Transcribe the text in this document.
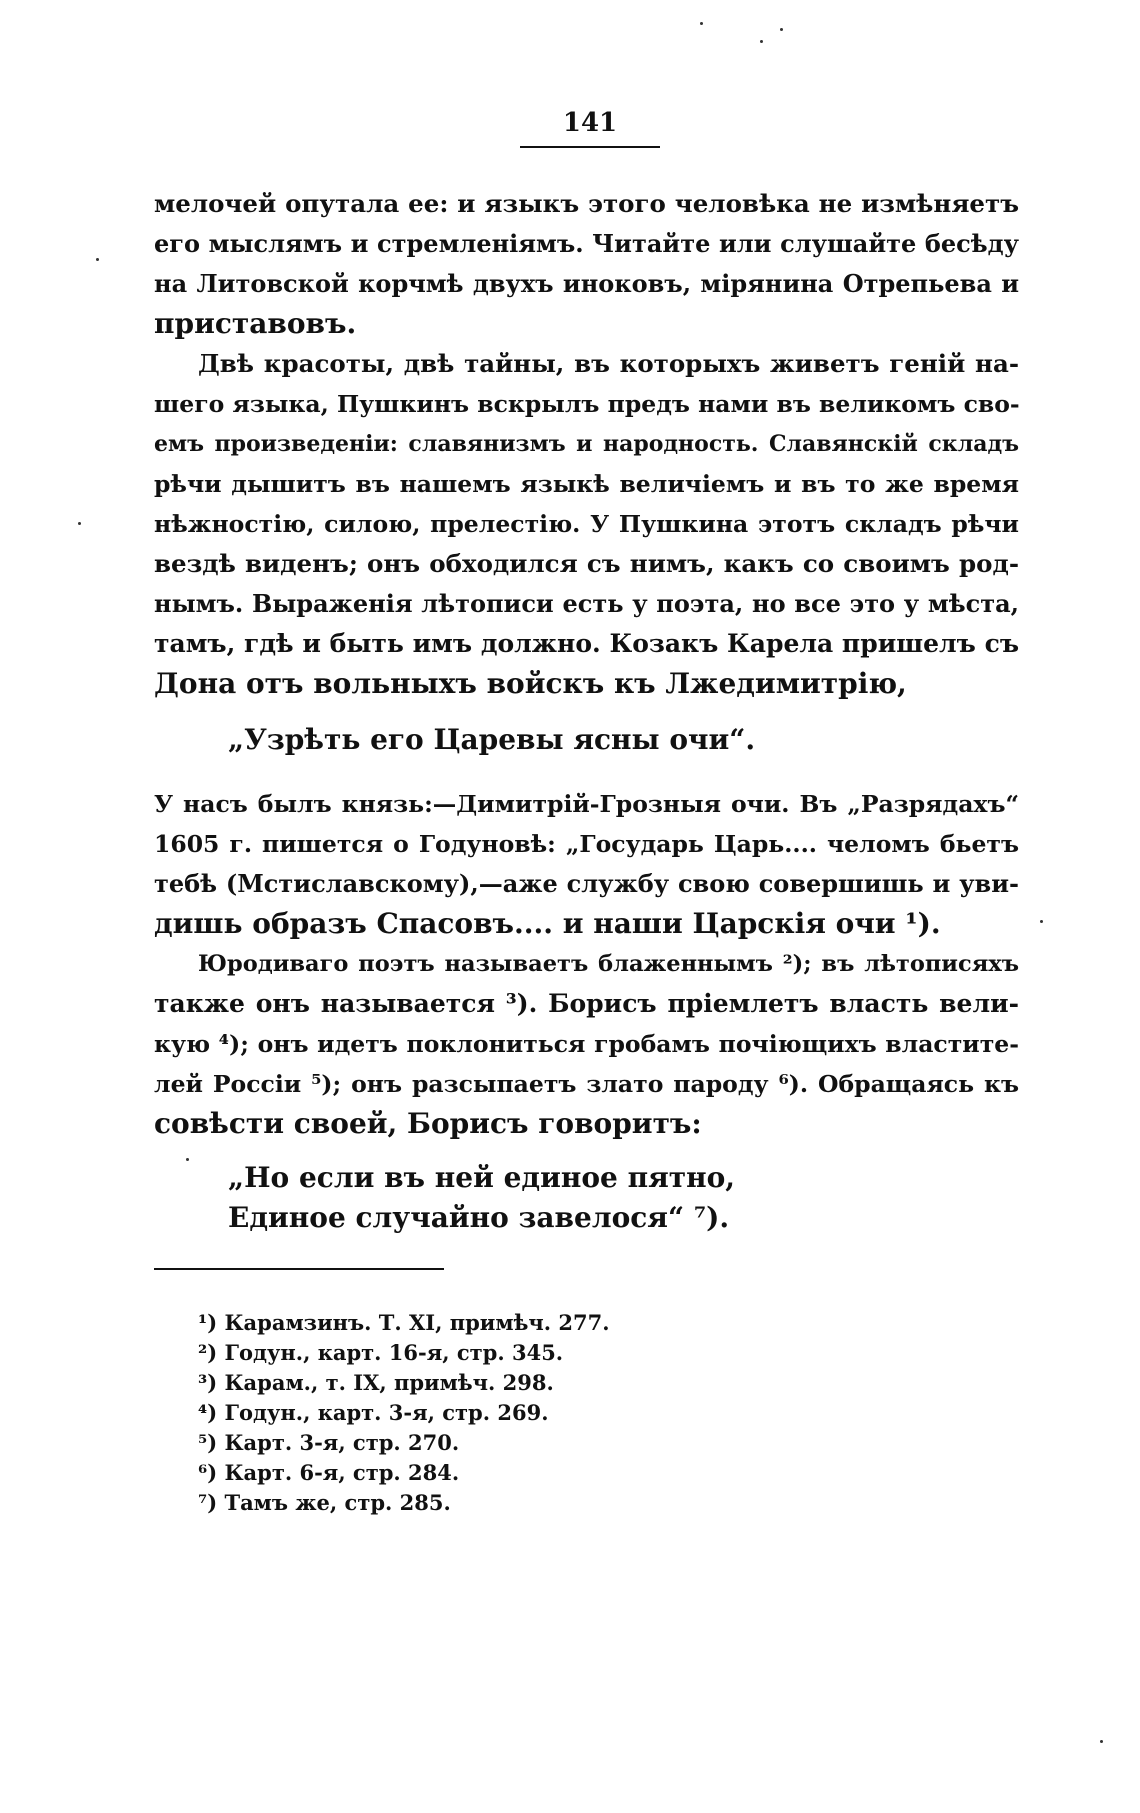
141
мелочей опутала ее: и языкъ этого человѣка не измѣняетъ
его мыслямъ и стремленіямъ. Читайте или слушайте бесѣду
на Литовской корчмѣ двухъ иноковъ, мірянина Отрепьева и
приставовъ.
Двѣ красоты, двѣ тайны, въ которыхъ живетъ геній на-
шего языка, Пушкинъ вскрылъ предъ нами въ великомъ сво-
емъ произведеніи: славянизмъ и народность. Славянскій складъ
рѣчи дышитъ въ нашемъ языкѣ величіемъ и въ то же время
нѣжностію, силою, прелестію. У Пушкина этотъ складъ рѣчи
вездѣ виденъ; онъ обходился съ нимъ, какъ со своимъ род-
нымъ. Выраженія лѣтописи есть у поэта, но все это у мѣста,
тамъ, гдѣ и быть имъ должно. Козакъ Карела пришелъ съ
Дона отъ вольныхъ войскъ къ Лжедимитрію,
„Узрѣть его Царевы ясны очи“.
У насъ былъ князь:—Димитрій-Грозныя очи. Въ „Разрядахъ“
1605 г. пишется о Годуновѣ: „Государь Царь.... челомъ бьетъ
тебѣ (Мстиславскому),—аже службу свою совершишь и уви-
дишь образъ Спасовъ.... и наши Царскія очи ¹).
Юродиваго поэтъ называетъ блаженнымъ ²); въ лѣтописяхъ
также онъ называется ³). Борисъ пріемлетъ власть вели-
кую ⁴); онъ идетъ поклониться гробамъ почіющихъ властите-
лей Россіи ⁵); онъ разсыпаетъ злато пароду ⁶). Обращаясь къ
совѣсти своей, Борисъ говоритъ:
„Но если въ ней единое пятно,
Единое случайно завелося“ ⁷).
¹) Карамзинъ. Т. XI, примѣч. 277.
²) Годун., карт. 16-я, стр. 345.
³) Карам., т. IX, примѣч. 298.
⁴) Годун., карт. 3-я, стр. 269.
⁵) Карт. 3-я, стр. 270.
⁶) Карт. 6-я, стр. 284.
⁷) Тамъ же, стр. 285.
